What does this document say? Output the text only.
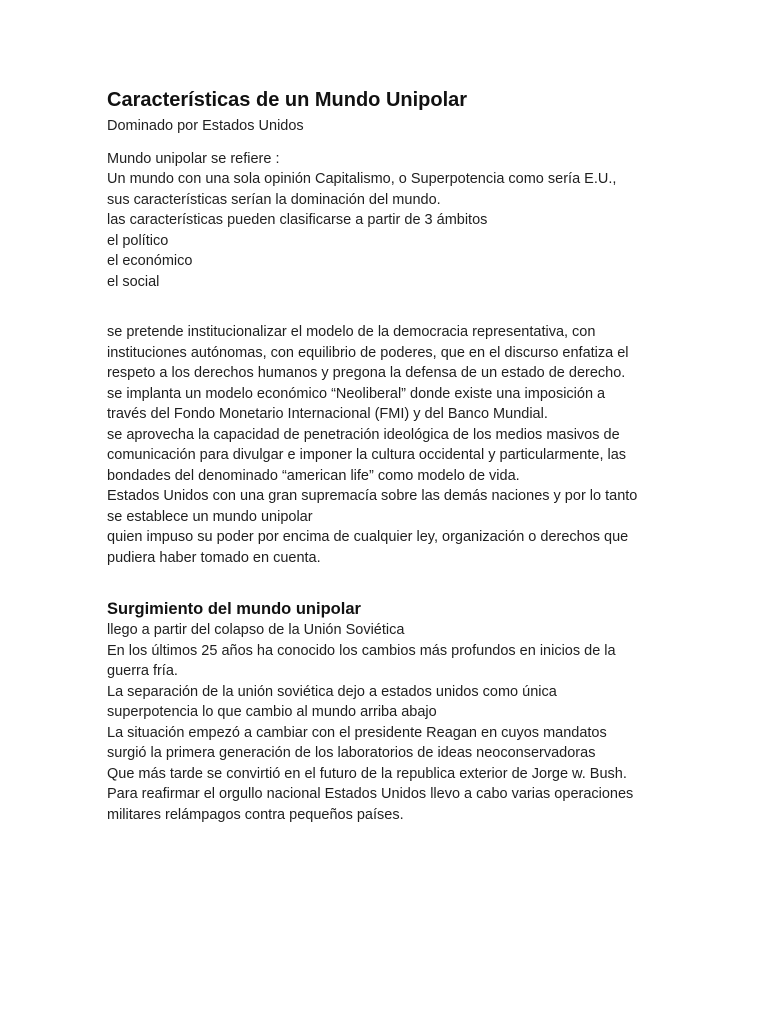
Características de un Mundo Unipolar

Dominado por Estados Unidos

Mundo unipolar se refiere :

Un mundo con una sola opinión Capitalismo, o Superpotencia como sería E.U.,
sus características serían la dominación del mundo.
las características pueden clasificarse a partir de 3 ámbitos
el político
el económico
el social
se pretende institucionalizar el modelo de la democracia representativa, con
instituciones autónomas, con equilibrio de poderes, que en el discurso enfatiza el
respeto a los derechos humanos y pregona la defensa de un estado de derecho.
se implanta un modelo económico “Neoliberal” donde existe una imposición a
través del Fondo Monetario Internacional (FMI) y del Banco Mundial.
se aprovecha la capacidad de penetración ideológica de los medios masivos de
comunicación para divulgar e imponer la cultura occidental y particularmente, las
bondades del denominado “american life” como modelo de vida.
Estados Unidos con una gran supremacía sobre las demás naciones y por lo tanto
se establece un mundo unipolar
quien impuso su poder por encima de cualquier ley, organización o derechos que
pudiera haber tomado en cuenta.
Surgimiento del mundo unipolar
llego a partir del colapso de la Unión Soviética
En los últimos 25 años ha conocido los cambios más profundos en inicios de la
guerra fría.
La separación de la unión soviética dejo a estados unidos como única
superpotencia lo que cambio al mundo arriba abajo
La situación empezó a cambiar con el presidente Reagan en cuyos mandatos
surgió la primera generación de los laboratorios de ideas neoconservadoras
Que más tarde se convirtió en el futuro de la republica exterior de Jorge w. Bush.
Para reafirmar el orgullo nacional Estados Unidos llevo a cabo varias operaciones
militares relámpagos contra pequeños países.
